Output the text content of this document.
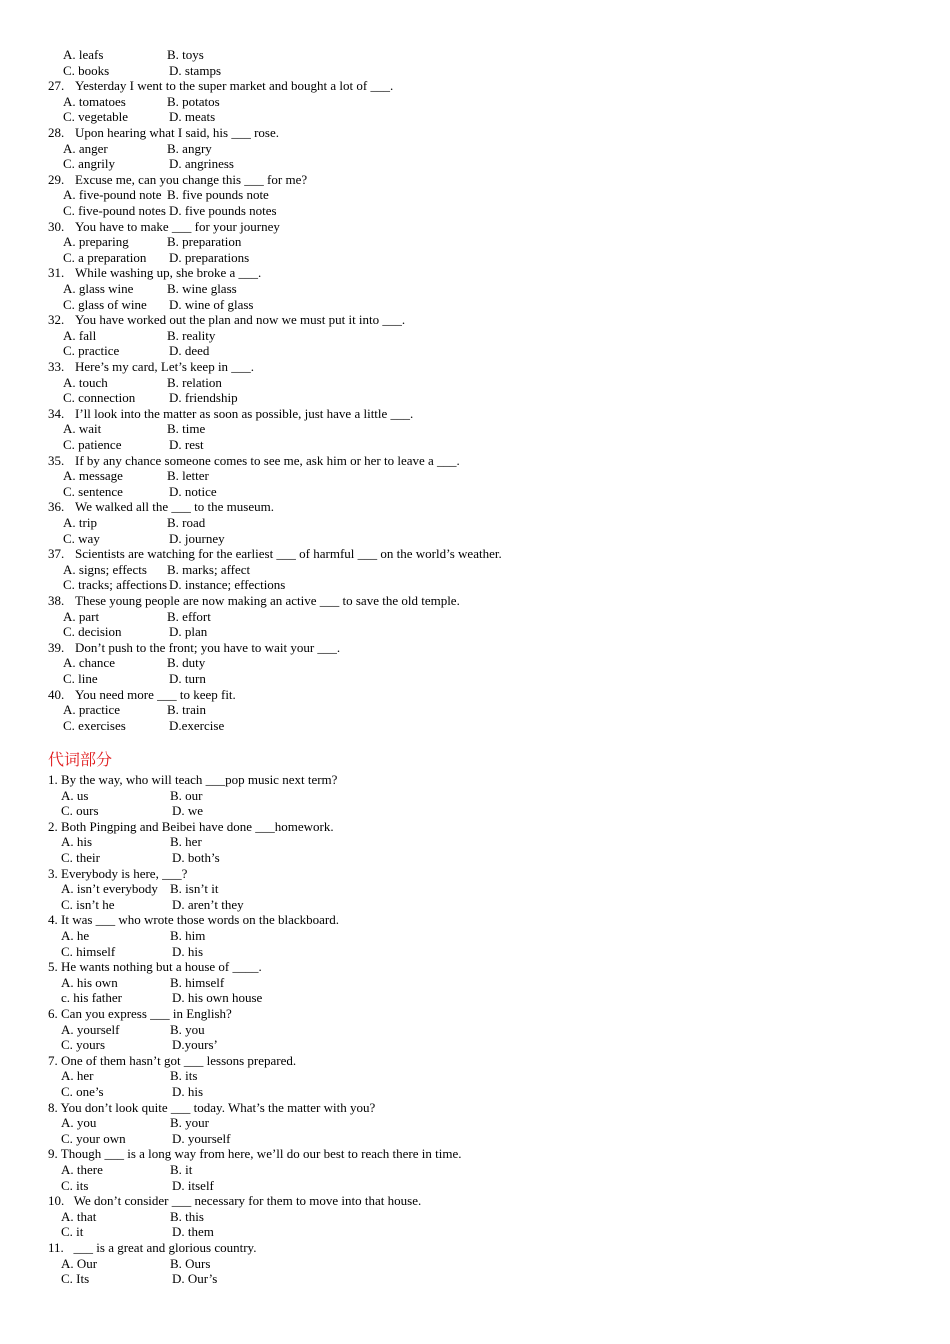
A. leafs	B. toys
C. books	D. stamps
27. Yesterday I went to the super market and bought a lot of ___.
A. tomatoes	B. potatos
C. vegetable	D. meats
28. Upon hearing what I said, his ___ rose.
A. anger	B. angry
C. angrily	D. angriness
29. Excuse me, can you change this ___ for me?
A. five-pound note B. five pounds note
C. five-pound notes D. five pounds notes
30. You have to make ___ for your journey
A. preparing	B. preparation
C. a preparation D. preparations
31. While washing up, she broke a ___.
A. glass wine	B. wine glass
C. glass of wine D. wine of glass
32. You have worked out the plan and now we must put it into ___.
A. fall	B. reality
C. practice	D. deed
33. Here’s my card, Let’s keep in ___.
A. touch	B. relation
C. connection	D. friendship
34. I’ll look into the matter as soon as possible, just have a little ___.
A. wait	B. time
C. patience	D. rest
35. If by any chance someone comes to see me, ask him or her to leave a ___.
A. message	B. letter
C. sentence	D. notice
36. We walked all the ___ to the museum.
A. trip	B. road
C. way	D. journey
37. Scientists are watching for the earliest ___ of harmful ___ on the world’s weather.
A. signs; effects B. marks; affect
C. tracks; affections D. instance; effections
38. These young people are now making an active ___ to save the old temple.
A. part	B. effort
C. decision	D. plan
39. Don’t push to the front; you have to wait your ___.
A. chance	B. duty
C. line	D. turn
40. You need more ___ to keep fit.
A. practice	B. train
C. exercises	D.exercise
代词部分
1. By the way, who will teach ___pop music next term?
A. us	B. our
C. ours	D. we
2. Both Pingping and Beibei have done ___homework.
A. his	B. her
C. their	D. both’s
3. Everybody is here, ___?
A. isn’t everybody B. isn’t it
C. isn’t he	D. aren’t they
4. It was ___ who wrote those words on the blackboard.
A. he	B. him
C. himself	D. his
5. He wants nothing but a house of ____.
A. his own	B. himself
c. his father	D. his own house
6. Can you express ___ in English?
A. yourself	B. you
C. yours	D.yours’
7. One of them hasn’t got ___ lessons prepared.
A. her	B. its
C. one’s	D. his
8. You don’t look quite ___ today. What’s the matter with you?
A. you	B. your
C. your own	D. yourself
9. Though ___ is a long way from here, we’ll do our best to reach there in time.
A. there	B. it
C. its	D. itself
10.   We don’t consider ___ necessary for them to move into that house.
A. that	B. this
C. it	D. them
11.   ___ is a great and glorious country.
A. Our	B. Ours
C. Its	D. Our’s
